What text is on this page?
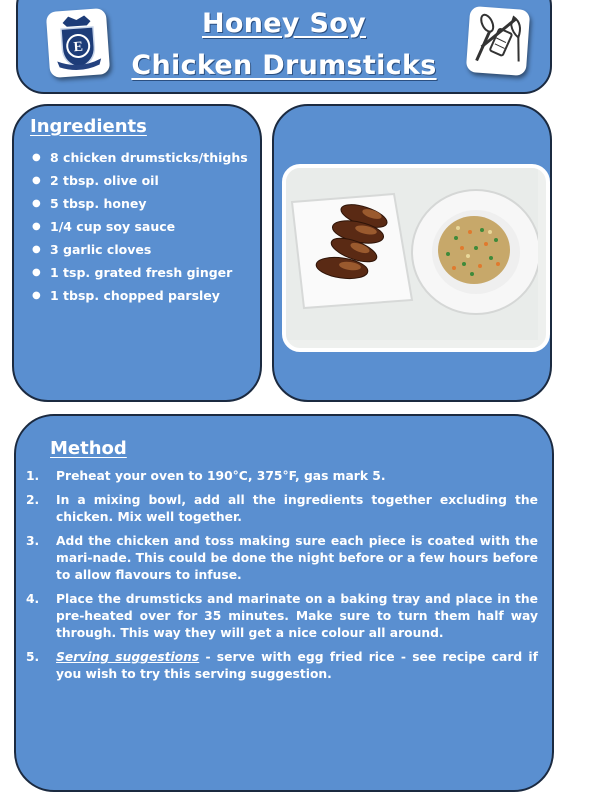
E
Honey Soy
Chicken Drumsticks
Ingredients
● 8 chicken drumsticks/thighs
● 2 tbsp. olive oil
● 5 tbsp. honey
● 1/4 cup soy sauce
● 3 garlic cloves
● 1 tsp. grated fresh ginger
● 1 tbsp. chopped parsley
Method
1. Preheat your oven to 190°C, 375°F, gas mark 5.
2. In a mixing bowl, add all the ingredients together excluding the chicken. Mix well together.
3. Add the chicken and toss making sure each piece is coated with the mari-nade. This could be done the night before or a few hours before to allow flavours to infuse.
4. Place the drumsticks and marinate on a baking tray and place in the pre-heated over for 35 minutes. Make sure to turn them half way through. This way they will get a nice colour all around.
5. Serving suggestions - serve with egg fried rice - see recipe card if you wish to try this serving suggestion.
